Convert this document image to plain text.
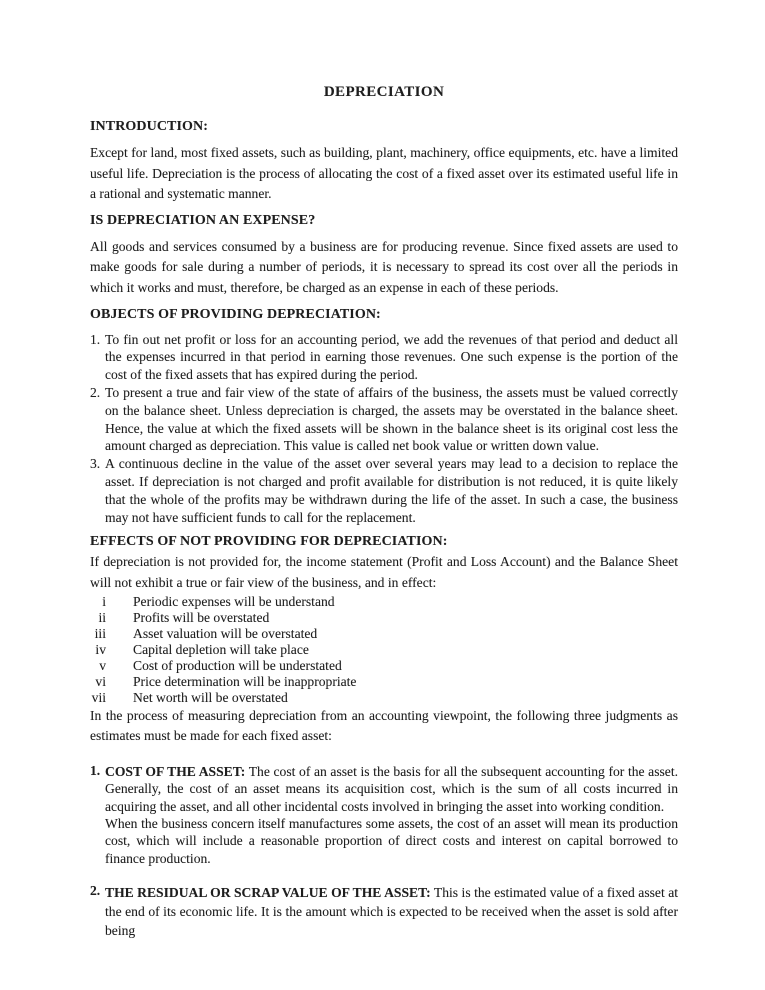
DEPRECIATION
INTRODUCTION:

Except for land, most fixed assets, such as building, plant, machinery, office equipments, etc. have a limited useful life. Depreciation is the process of allocating the cost of a fixed asset over its estimated useful life in a rational and systematic manner.

IS DEPRECIATION AN EXPENSE?

All goods and services consumed by a business are for producing revenue. Since fixed assets are used to make goods for sale during a number of periods, it is necessary to spread its cost over all the periods in which it works and must, therefore, be charged as an expense in each of these periods.

OBJECTS OF PROVIDING DEPRECIATION:
1. To fin out net profit or loss for an accounting period, we add the revenues of that period and deduct all the expenses incurred in that period in earning those revenues. One such expense is the portion of the cost of the fixed assets that has expired during the period.
2. To present a true and fair view of the state of affairs of the business, the assets must be valued correctly on the balance sheet. Unless depreciation is charged, the assets may be overstated in the balance sheet. Hence, the value at which the fixed assets will be shown in the balance sheet is its original cost less the amount charged as depreciation. This value is called net book value or written down value.
3. A continuous decline in the value of the asset over several years may lead to a decision to replace the asset. If depreciation is not charged and profit available for distribution is not reduced, it is quite likely that the whole of the profits may be withdrawn during the life of the asset. In such a case, the business may not have sufficient funds to call for the replacement.
EFFECTS OF NOT PROVIDING FOR DEPRECIATION:

If depreciation is not provided for, the income statement (Profit and Loss Account) and the Balance Sheet will not exhibit a true or fair view of the business, and in effect:

i	Periodic expenses will be understand
ii	Profits will be overstated
iii	Asset valuation will be overstated
iv	Capital depletion will take place
v	Cost of production will be understated
vi	Price determination will be inappropriate
vii	Net worth will be overstated

In the process of measuring depreciation from an accounting viewpoint, the following three judgments as estimates must be made for each fixed asset:

1. COST OF THE ASSET: The cost of an asset is the basis for all the subsequent accounting for the asset. Generally, the cost of an asset means its acquisition cost, which is the sum of all costs incurred in acquiring the asset, and all other incidental costs involved in bringing the asset into working condition.

When the business concern itself manufactures some assets, the cost of an asset will mean its production cost, which will include a reasonable proportion of direct costs and interest on capital borrowed to finance production.

2. THE RESIDUAL OR SCRAP VALUE OF THE ASSET: This is the estimated value of a fixed asset at the end of its economic life. It is the amount which is expected to be received when the asset is sold after being
